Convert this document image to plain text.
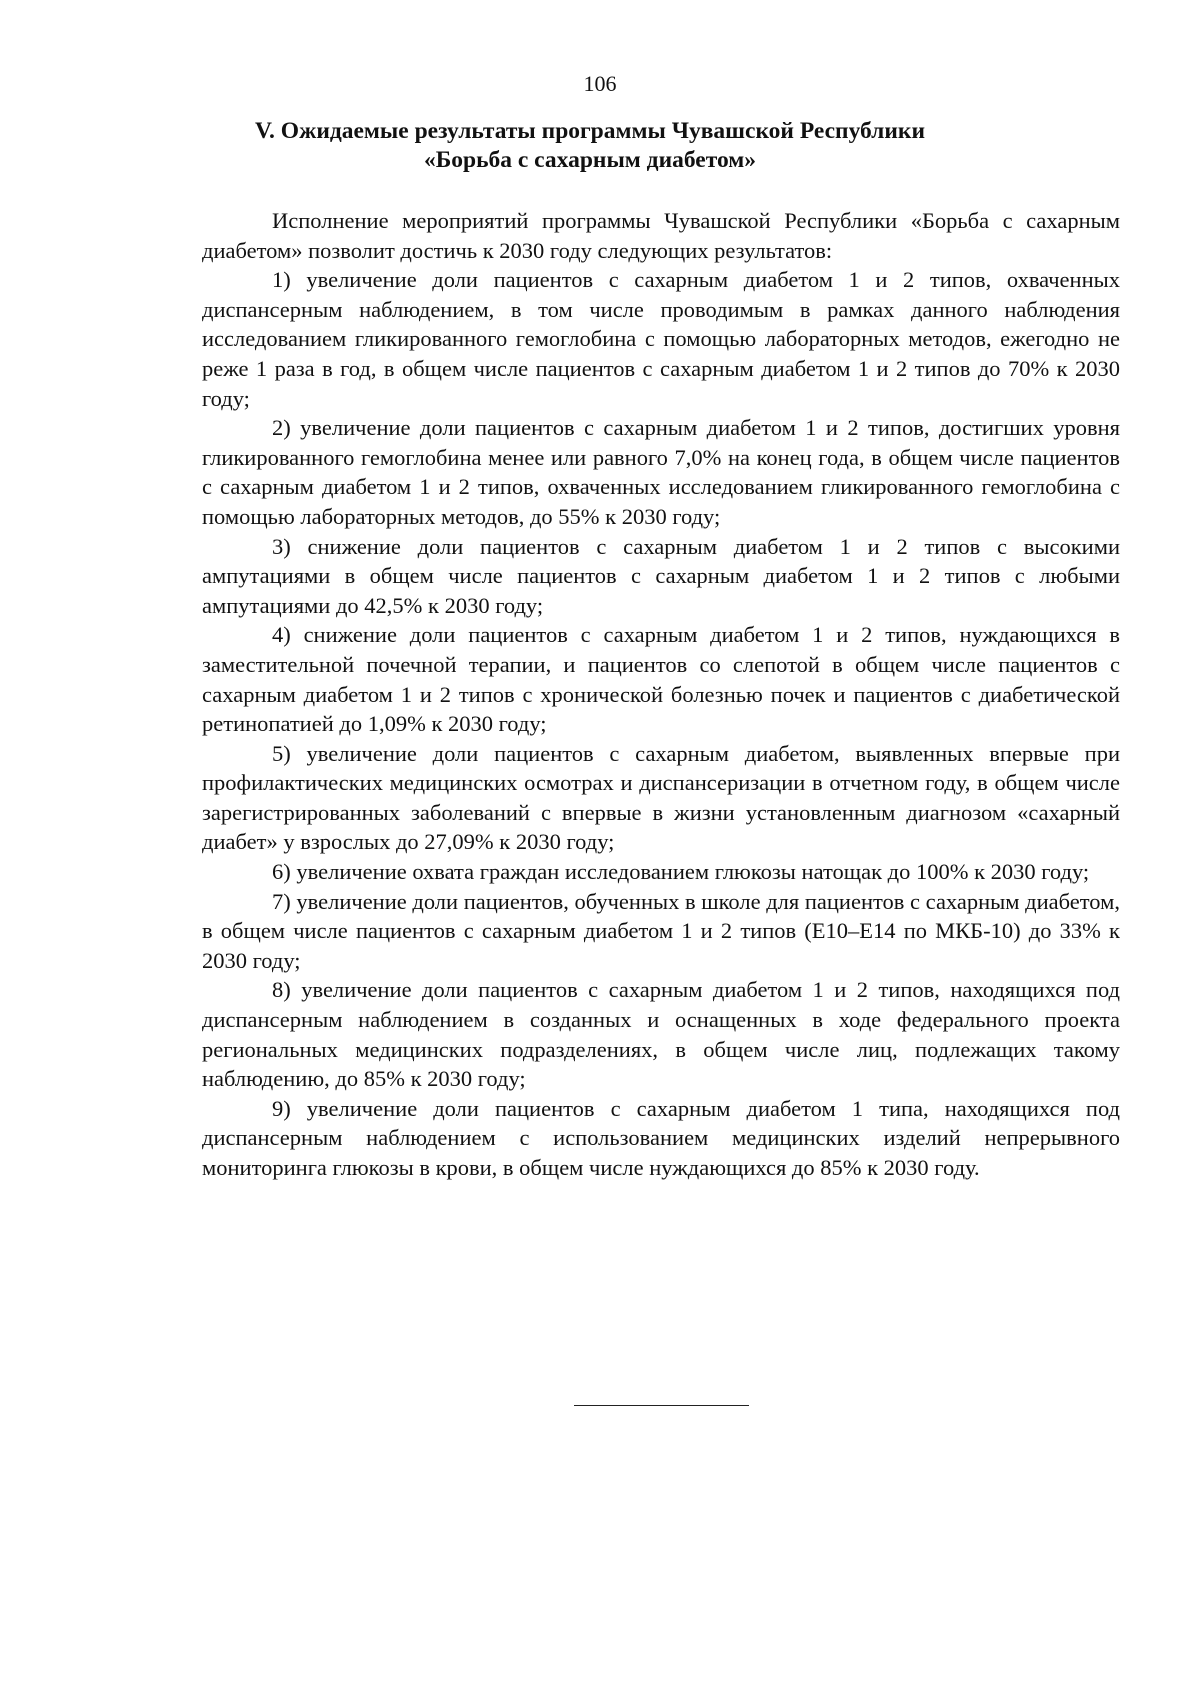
106
V. Ожидаемые результаты программы Чувашской Республики
«Борьба с сахарным диабетом»

Исполнение мероприятий программы Чувашской Республики «Борьба с сахарным диабетом» позволит достичь к 2030 году следующих результатов:

1) увеличение доли пациентов с сахарным диабетом 1 и 2 типов, охваченных диспансерным наблюдением, в том числе проводимым в рамках данного наблюдения исследованием гликированного гемоглобина с помощью лабораторных методов, ежегодно не реже 1 раза в год, в общем числе пациентов с сахарным диабетом 1 и 2 типов до 70% к 2030 году;

2) увеличение доли пациентов с сахарным диабетом 1 и 2 типов, достигших уровня гликированного гемоглобина менее или равного 7,0% на конец года, в общем числе пациентов с сахарным диабетом 1 и 2 типов, охваченных исследованием гликированного гемоглобина с помощью лабораторных методов, до 55% к 2030 году;

3) снижение доли пациентов с сахарным диабетом 1 и 2 типов с высокими ампутациями в общем числе пациентов с сахарным диабетом 1 и 2 типов с любыми ампутациями до 42,5% к 2030 году;

4) снижение доли пациентов с сахарным диабетом 1 и 2 типов, нуждающихся в заместительной почечной терапии, и пациентов со слепотой в общем числе пациентов с сахарным диабетом 1 и 2 типов с хронической болезнью почек и пациентов с диабетической ретинопатией до 1,09% к 2030 году;

5) увеличение доли пациентов с сахарным диабетом, выявленных впервые при профилактических медицинских осмотрах и диспансеризации в отчетном году, в общем числе зарегистрированных заболеваний с впервые в жизни установленным диагнозом «сахарный диабет» у взрослых до 27,09% к 2030 году;

6) увеличение охвата граждан исследованием глюкозы натощак до 100% к 2030 году;

7) увеличение доли пациентов, обученных в школе для пациентов с сахарным диабетом, в общем числе пациентов с сахарным диабетом 1 и 2 типов (Е10–Е14 по МКБ-10) до 33% к 2030 году;

8) увеличение доли пациентов с сахарным диабетом 1 и 2 типов, находящихся под диспансерным наблюдением в созданных и оснащенных в ходе федерального проекта региональных медицинских подразделениях, в общем числе лиц, подлежащих такому наблюдению, до 85% к 2030 году;

9) увеличение доли пациентов с сахарным диабетом 1 типа, находящихся под диспансерным наблюдением с использованием медицинских изделий непрерывного мониторинга глюкозы в крови, в общем числе нуждающихся до 85% к 2030 году.
